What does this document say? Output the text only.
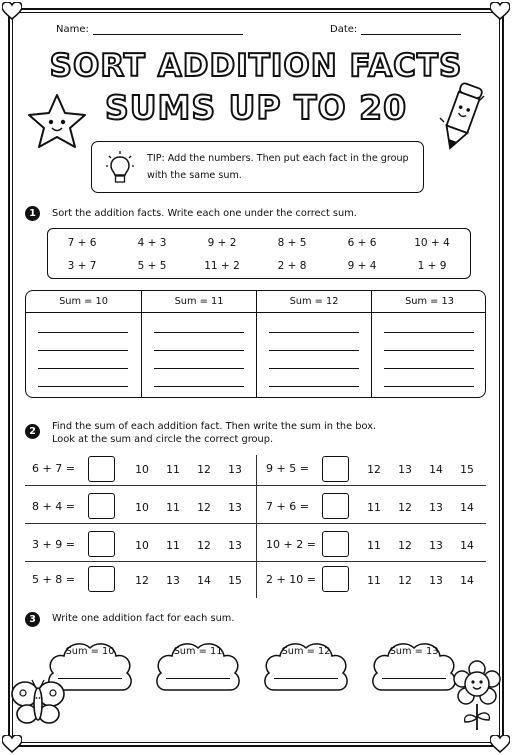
Name:	Date:
SORT ADDITION FACTS
SUMS UP TO 20
TIP: Add the numbers. Then put each fact in the group with the same sum.
1	Sort the addition facts. Write each one under the correct sum.
7 + 6	4 + 3	9 + 2	8 + 5	6 + 6	10 + 4
3 + 7	5 + 5	11 + 2	2 + 8	9 + 4	1 + 9
Sum = 10	Sum = 11	Sum = 12	Sum = 13
2	Find the sum of each addition fact. Then write the sum in the box.
Look at the sum and circle the correct group.
6 + 7 =	10	11	12	13	9 + 5 =	12	13	14	15
8 + 4 =	10	11	12	13	7 + 6 =	11	12	13	14
3 + 9 =	10	11	12	13	10 + 2 =	11	12	13	14
5 + 8 =	12	13	14	15	2 + 10 =	11	12	13	14
3	Write one addition fact for each sum.
Sum = 10	Sum = 11	Sum = 12	Sum = 13
